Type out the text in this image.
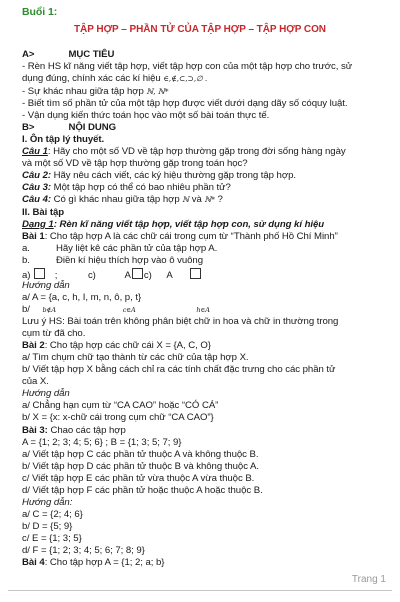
Buổi 1:
TẬP HỢP – PHẦN TỬ CỦA TẬP HỢP – TẬP HỢP CON
A>	MỤC TIÊU
- Rèn HS kĩ năng viết tập hợp, viết tập hợp con của một tập hợp cho trước, sử
dụng đúng, chính xác các kí hiệu ∈,∉,⊂,⊃,∅ .
- Sự khác nhau giữa tập hợp ℕ, ℕ*
- Biết tìm số phần tử của một tập hợp được viết dưới dạng dãy số cóquy luật.
- Vận dụng kiến thức toán học vào một số bài toán thực tế.
B>	NỘI DUNG
I. Ôn tập lý thuyết.
Câu 1: Hãy cho một số VD về tập hợp thường gặp trong đời sống hàng ngày
và một số VD về tập hợp thường gặp trong toán học?
Câu 2: Hãy nêu cách viết, các ký hiệu thường gặp trong tập hợp.
Câu 3: Một tập hợp có thể có bao nhiêu phần tử?
Câu 4: Có gì khác nhau giữa tập hợp ℕ và ℕ* ?
II. Bài tập
Dạng 1: Rèn kĩ năng viết tập hợp, viết tập hợp con, sử dụng kí hiệu
Bài 1: Cho tập hợp A là các chữ cái trong cụm từ “Thành phố Hồ Chí Minh”
a.	Hãy liệt kê các phần tử của tập hợp A.
b.	Điền kí hiệu thích hợp vào ô vuông
a)	;	c)	A c) A
Hướng dẫn
a/ A = {a, c, h, I, m, n, ô, p, t}
b/ b∉A	c∈A	h∈A
Lưu ý HS: Bài toán trên không phân biệt chữ in hoa và chữ in thường trong
cụm từ đã cho.
Bài 2: Cho tập hợp các chữ cái X = {A, C, O}
a/ Tìm chụm chữ tạo thành từ các chữ của tập hợp X.
b/ Viết tập hợp X bằng cách chỉ ra các tính chất đặc trưng cho các phần tử
của X.
Hướng dẫn
a/ Chẳng hạn cụm từ “CA CAO” hoặc “CÓ CÁ”
b/ X = {x: x-chữ cái trong cụm chữ “CA CAO”}
Bài 3: Chao các tập hợp
A = {1; 2; 3; 4; 5; 6} ; B = {1; 3; 5; 7; 9}
a/ Viết tập hợp C các phần tử thuộc A và không thuộc B.
b/ Viết tập hợp D các phần tử thuộc B và không thuộc A.
c/ Viết tập hợp E các phần tử vừa thuộc A vừa thuộc B.
d/ Viết tập hợp F các phần tử hoặc thuộc A hoặc thuộc B.
Hướng dẫn:
a/ C = {2; 4; 6}
b/ D = {5; 9}
c/ E = {1; 3; 5}
d/ F = {1; 2; 3; 4; 5; 6; 7; 8; 9}
Bài 4: Cho tập hợp A = {1; 2; a; b}
Trang 1
